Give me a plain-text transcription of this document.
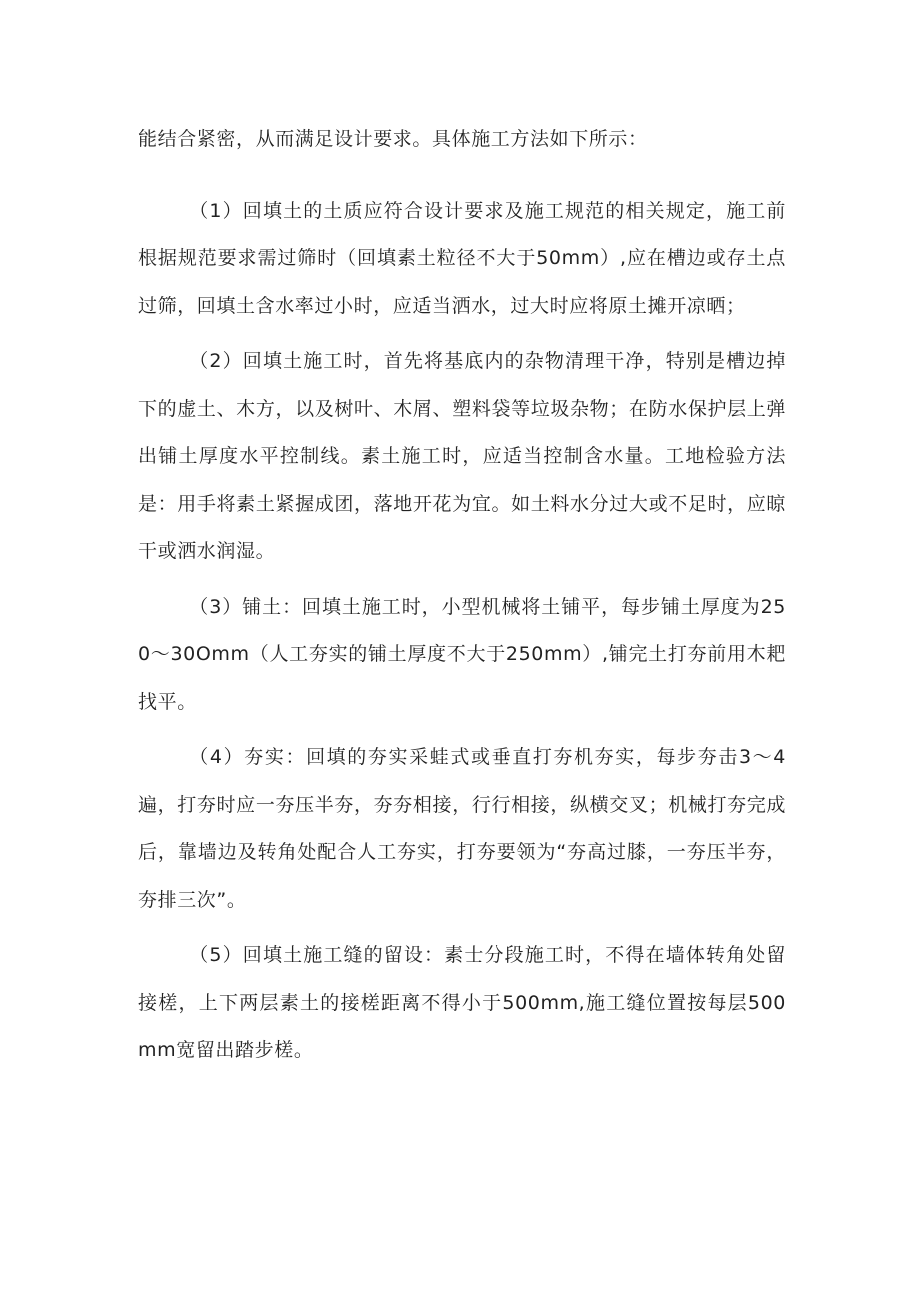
能结合紧密，从而满足设计要求。具体施工方法如下所示：

（1）回填土的土质应符合设计要求及施工规范的相关规定，施工前根据规范要求需过筛时（回填素土粒径不大于50mm）,应在槽边或存土点过筛，回填土含水率过小时，应适当洒水，过大时应将原土摊开凉晒；

（2）回填土施工时，首先将基底内的杂物清理干净，特别是槽边掉下的虚土、木方，以及树叶、木屑、塑料袋等垃圾杂物；在防水保护层上弹出铺土厚度水平控制线。素土施工时，应适当控制含水量。工地检验方法是：用手将素土紧握成团，落地开花为宜。如土料水分过大或不足时，应晾干或洒水润湿。

（3）铺土：回填土施工时，小型机械将土铺平，每步铺土厚度为250～30Omm（人工夯实的铺土厚度不大于250mm）,铺完土打夯前用木耙找平。

（4）夯实：回填的夯实采蛙式或垂直打夯机夯实，每步夯击3～4遍，打夯时应一夯压半夯，夯夯相接，行行相接，纵横交叉；机械打夯完成后，靠墙边及转角处配合人工夯实，打夯要领为“夯高过膝，一夯压半夯，夯排三次”。

（5）回填土施工缝的留设：素士分段施工时，不得在墙体转角处留接槎，上下两层素土的接槎距离不得小于500mm,施工缝位置按每层500mm宽留出踏步槎。
